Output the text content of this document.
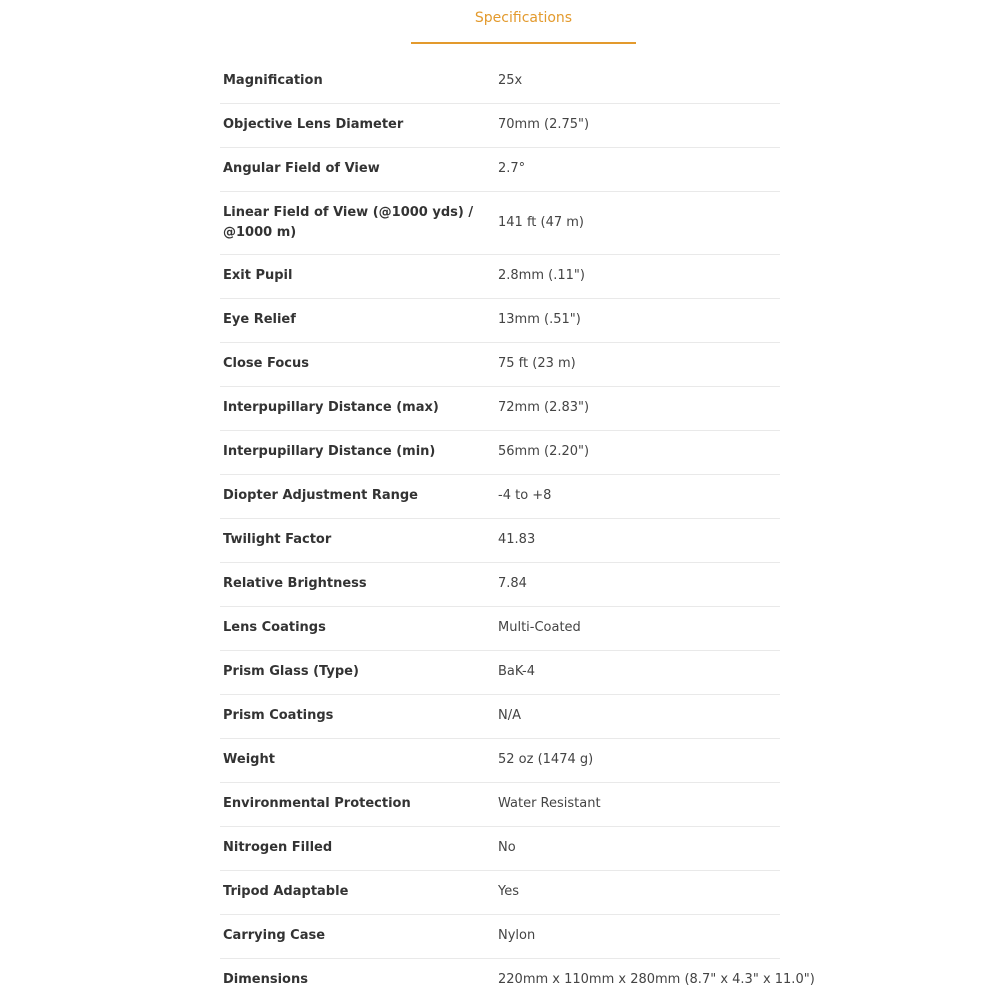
Specifications
Magnification	25x
Objective Lens Diameter	70mm (2.75")
Angular Field of View	2.7°
Linear Field of View (@1000 yds) / @1000 m)	141 ft (47 m)
Exit Pupil	2.8mm (.11")
Eye Relief	13mm (.51")
Close Focus	75 ft (23 m)
Interpupillary Distance (max)	72mm (2.83")
Interpupillary Distance (min)	56mm (2.20")
Diopter Adjustment Range	-4 to +8
Twilight Factor	41.83
Relative Brightness	7.84
Lens Coatings	Multi-Coated
Prism Glass (Type)	BaK-4
Prism Coatings	N/A
Weight	52 oz (1474 g)
Environmental Protection	Water Resistant
Nitrogen Filled	No
Tripod Adaptable	Yes
Carrying Case	Nylon
Dimensions	220mm x 110mm x 280mm (8.7" x 4.3" x 11.0")
